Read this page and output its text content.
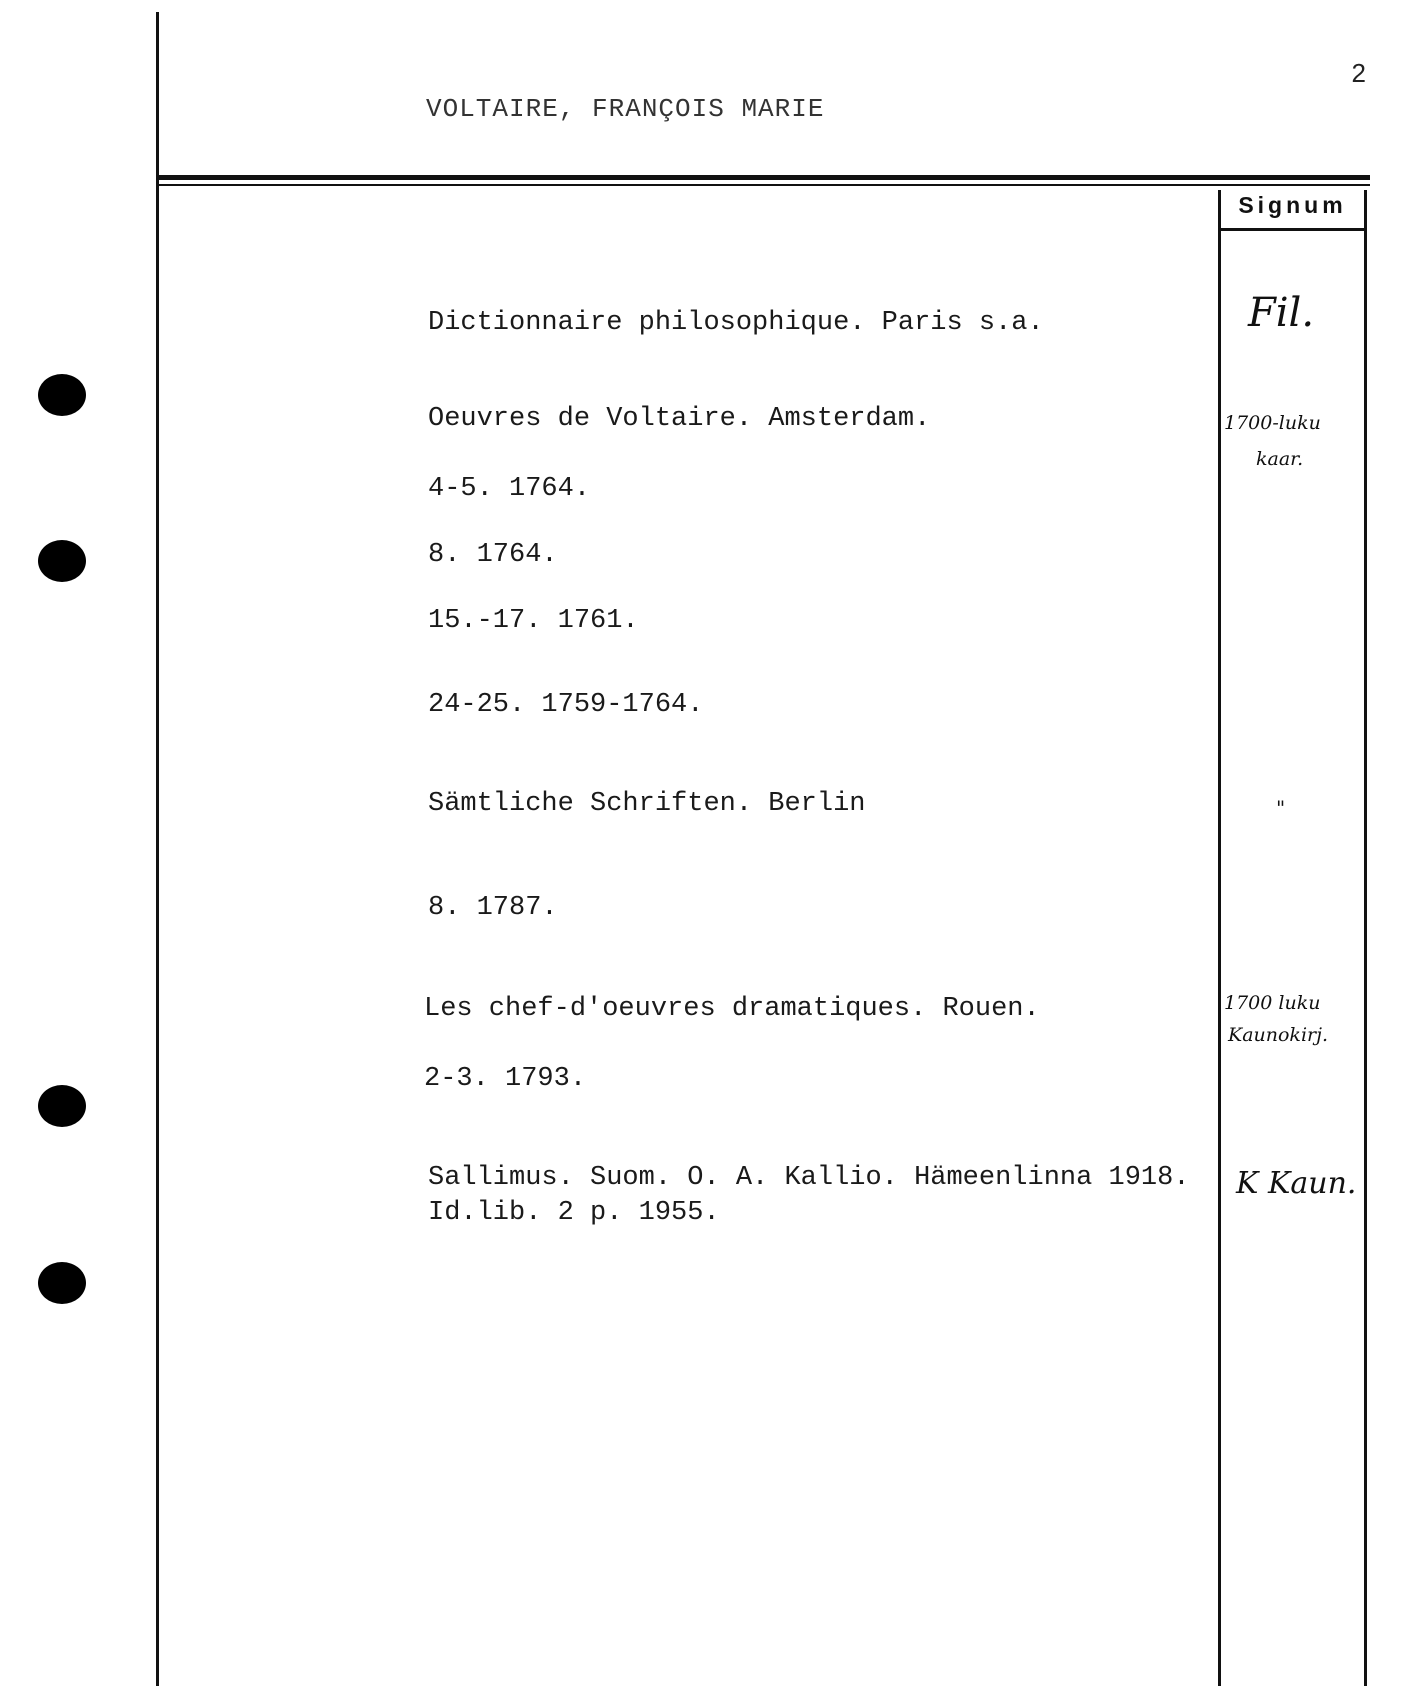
2
VOLTAIRE, FRANÇOIS MARIE
Signum
Dictionnaire philosophique. Paris s.a.
Oeuvres de Voltaire. Amsterdam.
4-5. 1764.
8. 1764.
15.-17. 1761.
24-25. 1759-1764.
Sämtliche Schriften. Berlin
8. 1787.
Les chef-d'oeuvres dramatiques. Rouen.
2-3. 1793.
Sallimus. Suom. O. A. Kallio. Hämeenlinna 1918.
Id.lib. 2 p. 1955.
Fil.
1700-luku
kaar.
"
1700 luku
Kaunokirj.
K Kaun.
